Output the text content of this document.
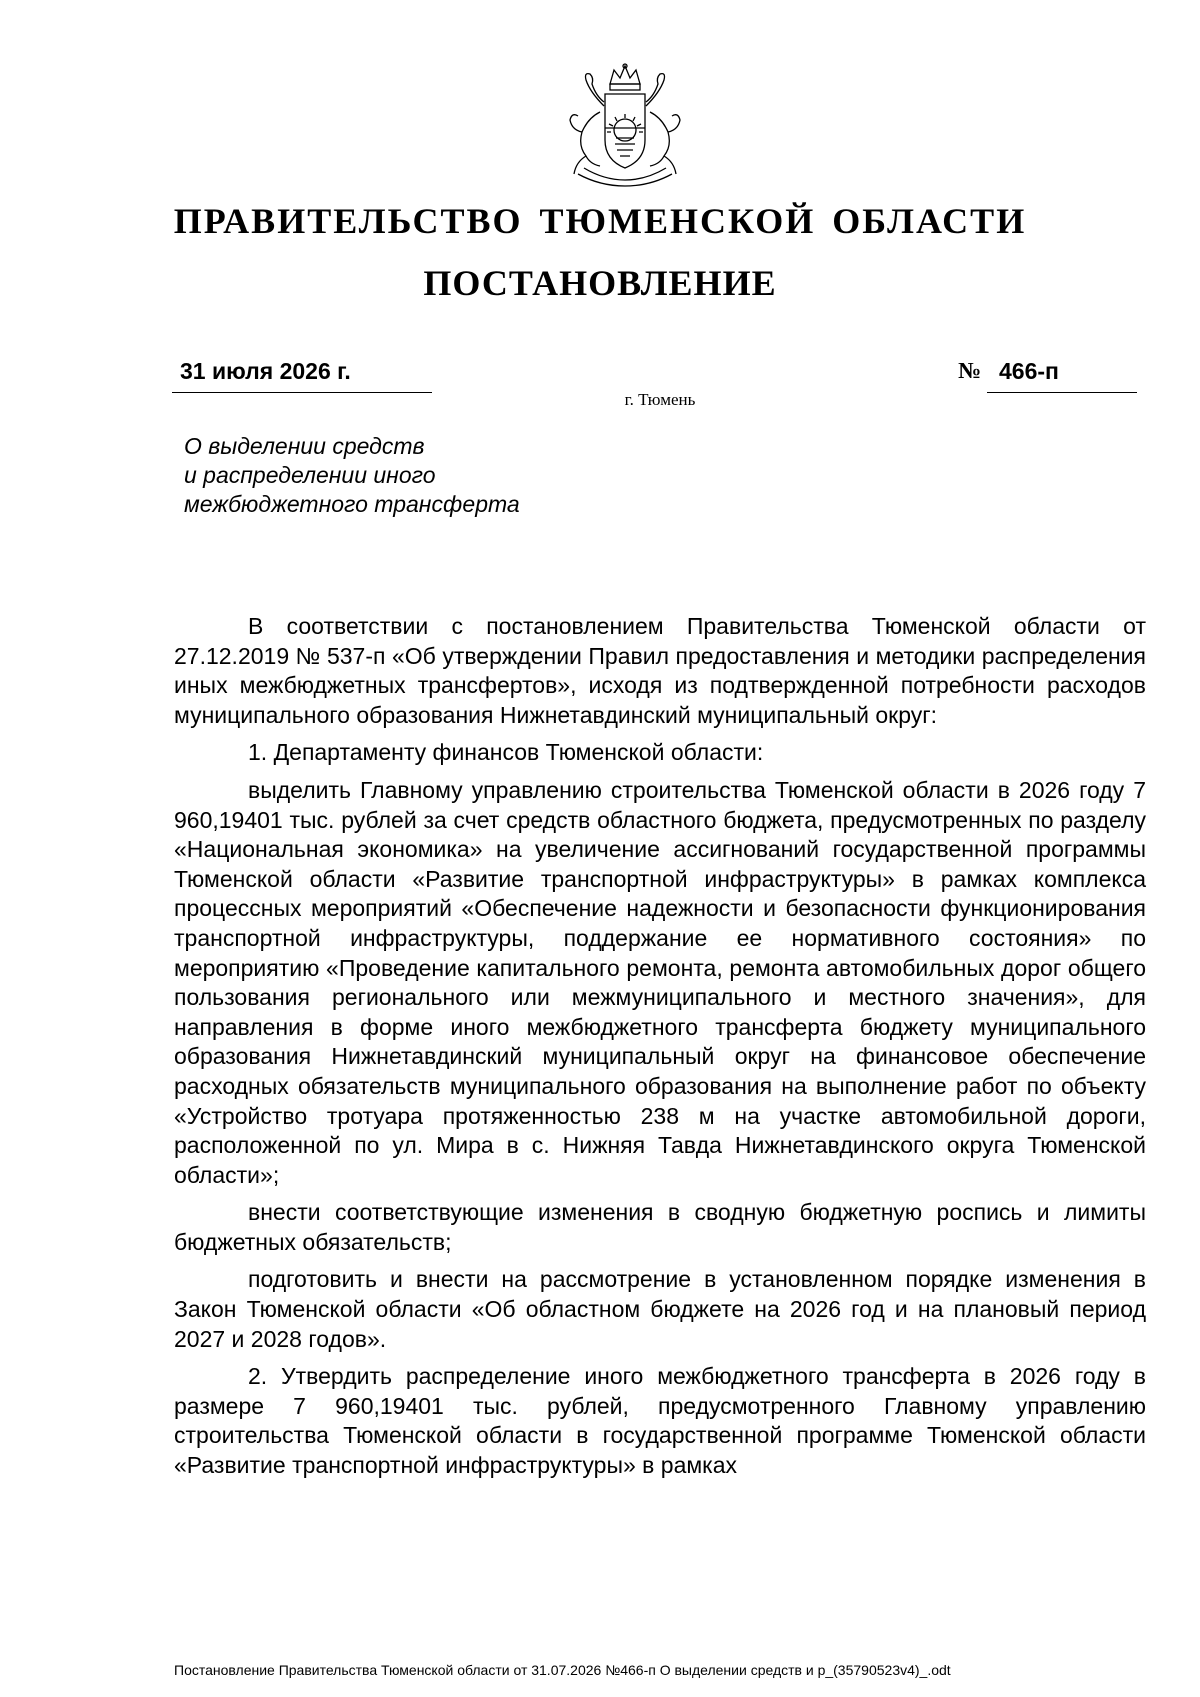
ПРАВИТЕЛЬСТВО ТЮМЕНСКОЙ ОБЛАСТИ
ПОСТАНОВЛЕНИЕ
31 июля 2026 г.	№ 466-п
г. Тюмень
О выделении средств
и распределении иного
межбюджетного трансферта

В соответствии с постановлением Правительства Тюменской области от 27.12.2019 № 537-п «Об утверждении Правил предоставления и методики распределения иных межбюджетных трансфертов», исходя из подтвержденной потребности расходов муниципального образования Нижнетавдинский муниципальный округ:

1. Департаменту финансов Тюменской области:

выделить Главному управлению строительства Тюменской области в 2026 году 7 960,19401 тыс. рублей за счет средств областного бюджета, предусмотренных по разделу «Национальная экономика» на увеличение ассигнований государственной программы Тюменской области «Развитие транспортной инфраструктуры» в рамках комплекса процессных мероприятий «Обеспечение надежности и безопасности функционирования транспортной инфраструктуры, поддержание ее нормативного состояния» по мероприятию «Проведение капитального ремонта, ремонта автомобильных дорог общего пользования регионального или межмуниципального и местного значения», для направления в форме иного межбюджетного трансферта бюджету муниципального образования Нижнетавдинский муниципальный округ на финансовое обеспечение расходных обязательств муниципального образования на выполнение работ по объекту «Устройство тротуара протяженностью 238 м на участке автомобильной дороги, расположенной по ул. Мира в с. Нижняя Тавда Нижнетавдинского округа Тюменской области»;

внести соответствующие изменения в сводную бюджетную роспись и лимиты бюджетных обязательств;

подготовить и внести на рассмотрение в установленном порядке изменения в Закон Тюменской области «Об областном бюджете на 2026 год и на плановый период 2027 и 2028 годов».

2. Утвердить распределение иного межбюджетного трансферта в 2026 году в размере 7 960,19401 тыс. рублей, предусмотренного Главному управлению строительства Тюменской области в государственной программе Тюменской области «Развитие транспортной инфраструктуры» в рамках

Постановление Правительства Тюменской области от 31.07.2026 №466-п О выделении средств и р_(35790523v4)_.odt
